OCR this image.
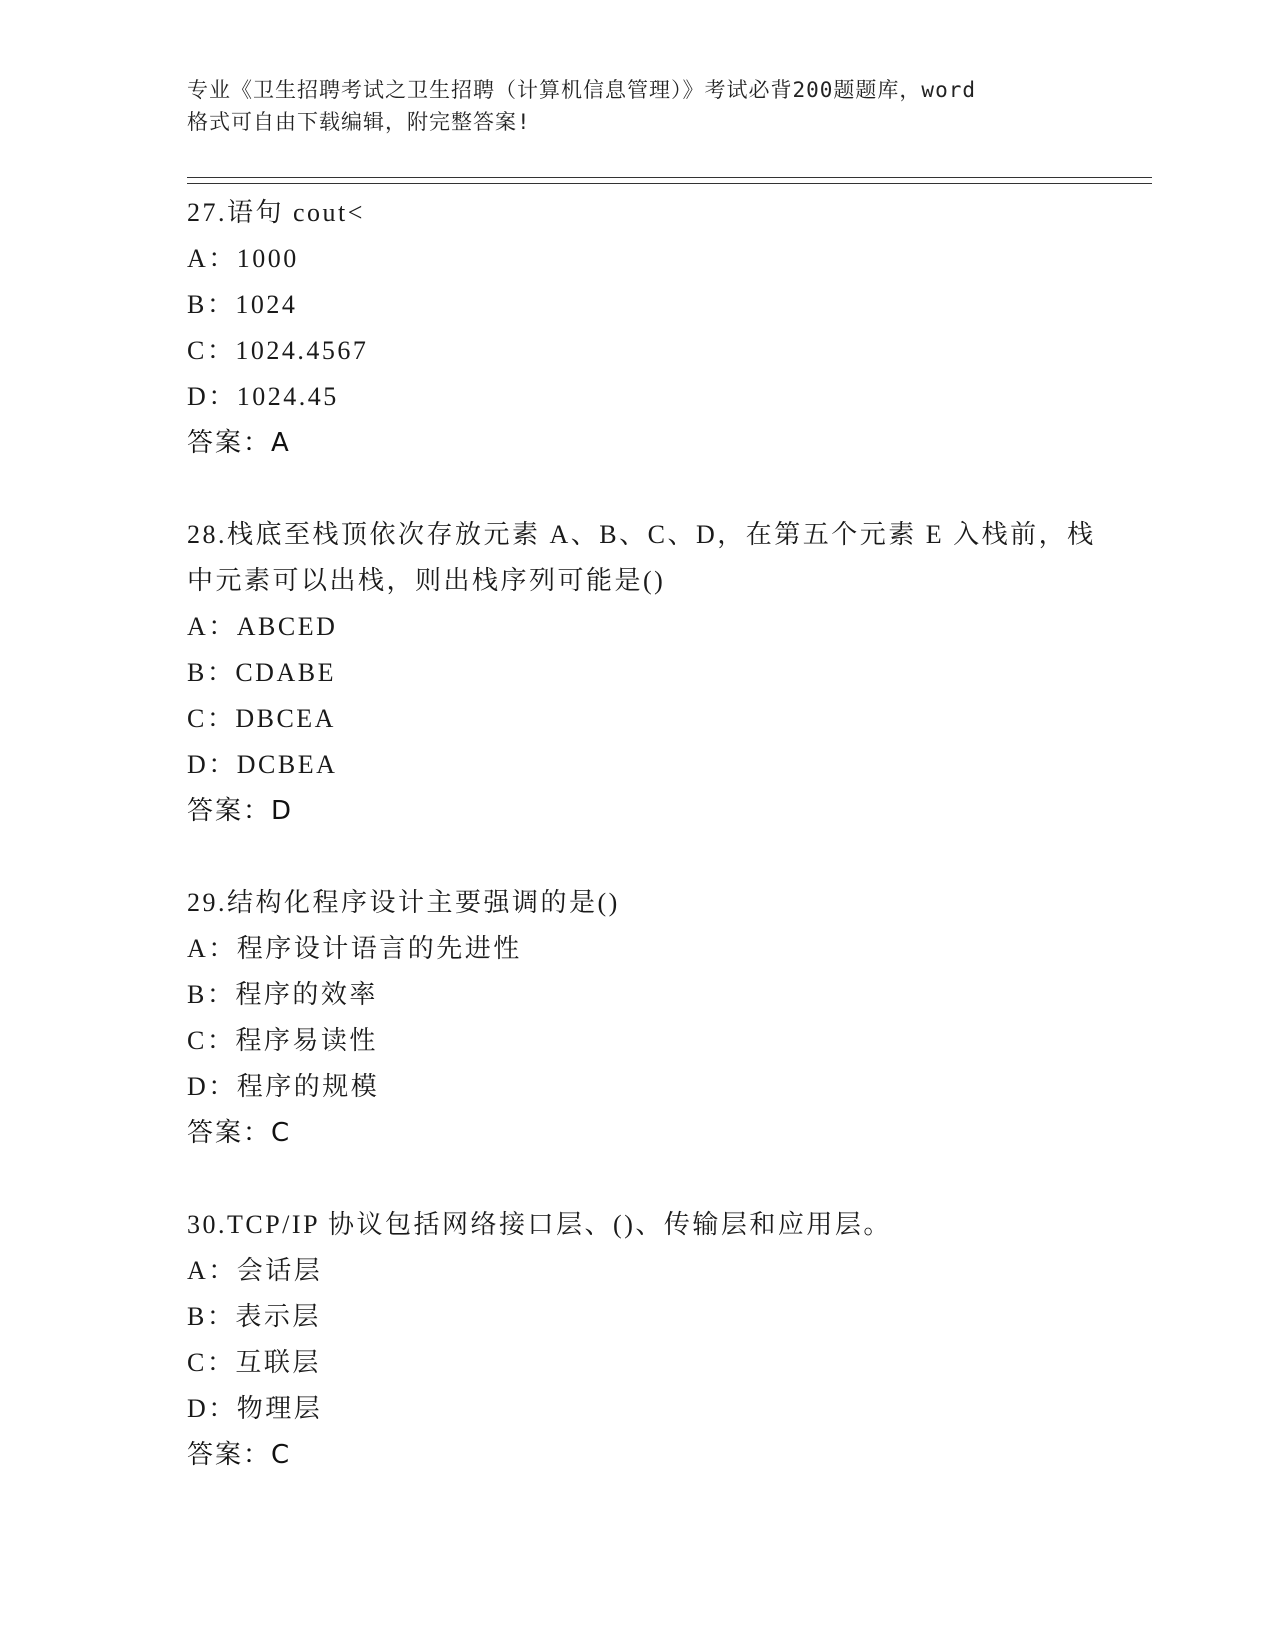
专业《卫生招聘考试之卫生招聘（计算机信息管理）》考试必背200题题库，word
格式可自由下载编辑，附完整答案!
27.语句 cout<
A：1000
B：1024
C：1024.4567
D：1024.45
答案：A
28.栈底至栈顶依次存放元素 A、B、C、D，在第五个元素 E 入栈前，栈
中元素可以出栈，则出栈序列可能是()
A：ABCED
B：CDABE
C：DBCEA
D：DCBEA
答案：D
29.结构化程序设计主要强调的是()
A：程序设计语言的先进性
B：程序的效率
C：程序易读性
D：程序的规模
答案：C
30.TCP/IP 协议包括网络接口层、()、传输层和应用层。
A：会话层
B：表示层
C：互联层
D：物理层
答案：C
